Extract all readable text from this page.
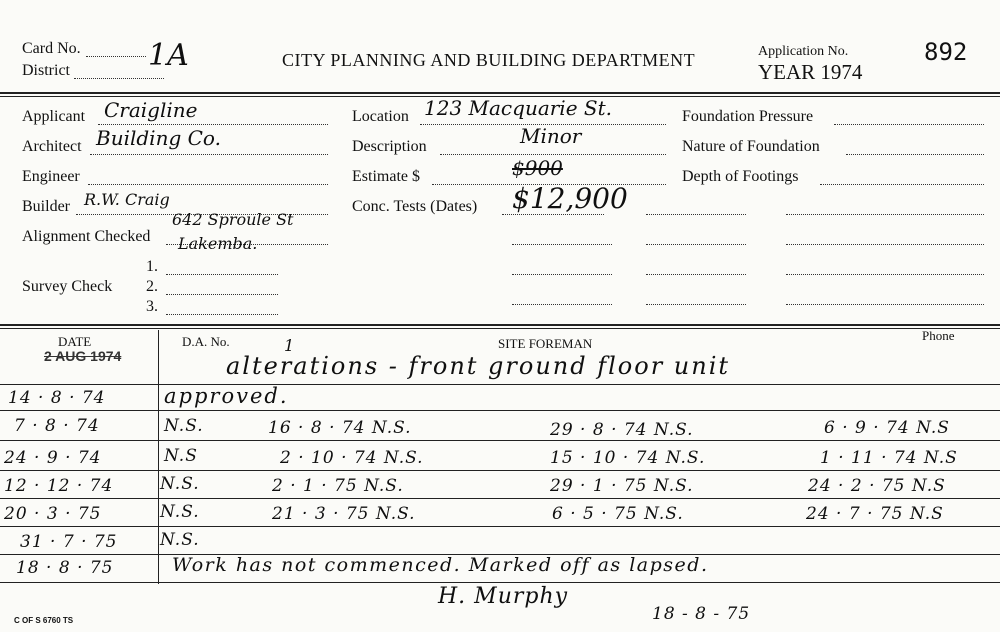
Card No.
District	1A	CITY PLANNING AND BUILDING DEPARTMENT	Application No.
YEAR 1974
892
Applicant Craigline
Architect Building Co.
Engineer
Builder R.W. Craig
642 Sproule St
Alignment Checked Lakemba.
1.
Survey Check 2.
3.
Location 123 Macquarie St.
Description	Minor
Estimate $	$900
Conc. Tests (Dates) $12,900
Foundation Pressure
Nature of Foundation
Depth of Footings
DATE	D.A. No.	SITE FOREMAN
Phone
2 AUG 1974
1
alterations - front ground floor unit
14 · 8 · 74	approved.
7 · 8 · 74	N.S.	16 · 8 · 74 N.S.	29 · 8 · 74 N.S.	6 · 9 · 74 N.S
24 · 9 · 74	N.S	2 · 10 · 74 N.S.	15 · 10 · 74 N.S.	1 · 11 · 74 N.S
12 · 12 · 74	N.S.	2 · 1 · 75 N.S.	29 · 1 · 75 N.S.	24 · 2 · 75 N.S
20 · 3 · 75	N.S.	21 · 3 · 75 N.S.	6 · 5 · 75 N.S.	24 · 7 · 75 N.S
31 · 7 · 75 N.S.
18 · 8 · 75	Work has not commenced. Marked off as lapsed.
H. Murphy
18 - 8 - 75
C OF S 6760 TS
